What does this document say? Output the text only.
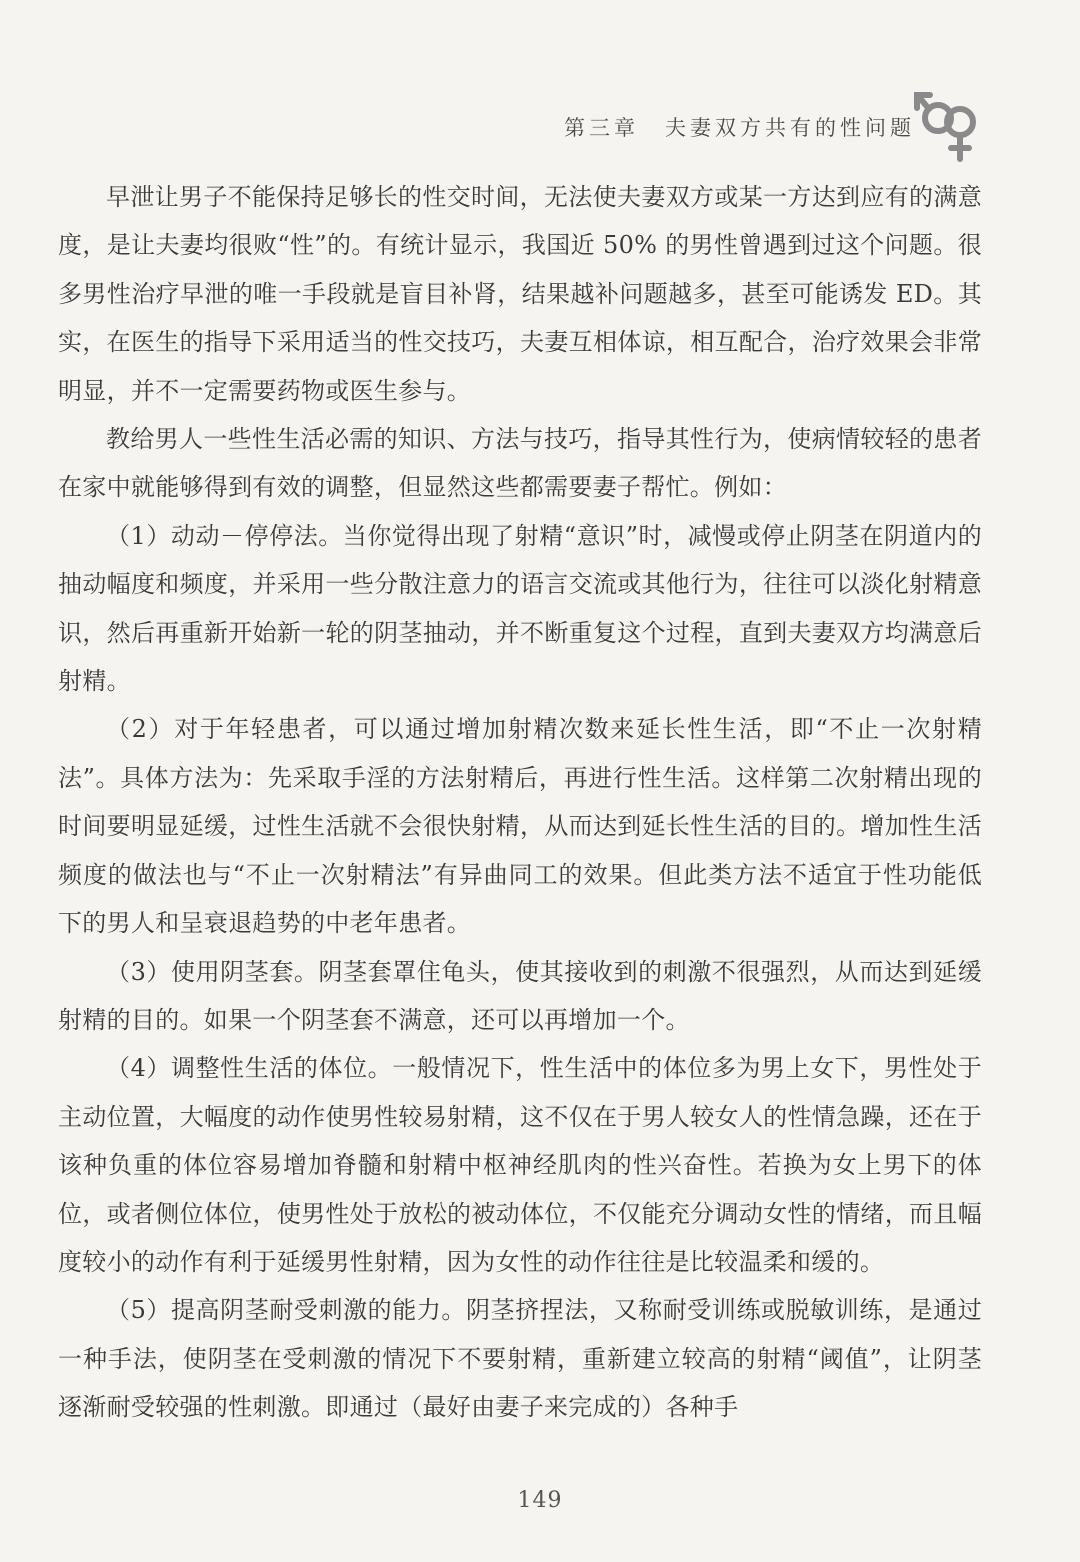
第三章 夫妻双方共有的性问题

早泄让男子不能保持足够长的性交时间，无法使夫妻双方或某一方达到应有的满意度，是让夫妻均很败“性”的。有统计显示，我国近 50% 的男性曾遇到过这个问题。很多男性治疗早泄的唯一手段就是盲目补肾，结果越补问题越多，甚至可能诱发 ED。其实，在医生的指导下采用适当的性交技巧，夫妻互相体谅，相互配合，治疗效果会非常明显，并不一定需要药物或医生参与。

教给男人一些性生活必需的知识、方法与技巧，指导其性行为，使病情较轻的患者在家中就能够得到有效的调整，但显然这些都需要妻子帮忙。例如：

（1）动动－停停法。当你觉得出现了射精“意识”时，减慢或停止阴茎在阴道内的抽动幅度和频度，并采用一些分散注意力的语言交流或其他行为，往往可以淡化射精意识，然后再重新开始新一轮的阴茎抽动，并不断重复这个过程，直到夫妻双方均满意后射精。

（2）对于年轻患者，可以通过增加射精次数来延长性生活，即“不止一次射精法”。具体方法为：先采取手淫的方法射精后，再进行性生活。这样第二次射精出现的时间要明显延缓，过性生活就不会很快射精，从而达到延长性生活的目的。增加性生活频度的做法也与“不止一次射精法”有异曲同工的效果。但此类方法不适宜于性功能低下的男人和呈衰退趋势的中老年患者。

（3）使用阴茎套。阴茎套罩住龟头，使其接收到的刺激不很强烈，从而达到延缓射精的目的。如果一个阴茎套不满意，还可以再增加一个。

（4）调整性生活的体位。一般情况下，性生活中的体位多为男上女下，男性处于主动位置，大幅度的动作使男性较易射精，这不仅在于男人较女人的性情急躁，还在于该种负重的体位容易增加脊髓和射精中枢神经肌肉的性兴奋性。若换为女上男下的体位，或者侧位体位，使男性处于放松的被动体位，不仅能充分调动女性的情绪，而且幅度较小的动作有利于延缓男性射精，因为女性的动作往往是比较温柔和缓的。

（5）提高阴茎耐受刺激的能力。阴茎挤捏法，又称耐受训练或脱敏训练，是通过一种手法，使阴茎在受刺激的情况下不要射精，重新建立较高的射精“阈值”，让阴茎逐渐耐受较强的性刺激。即通过（最好由妻子来完成的）各种手

149
